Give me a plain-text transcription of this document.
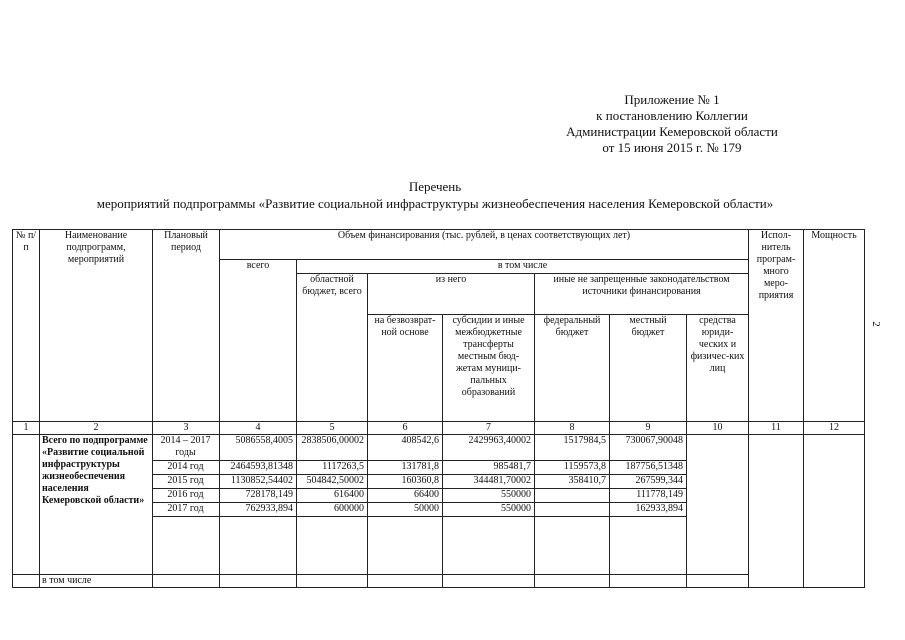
Приложение № 1
к постановлению Коллегии
Администрации Кемеровской области
от 15 июня 2015 г. № 179
Перечень
мероприятий подпрограммы «Развитие социальной инфраструктуры жизнеобеспечения населения Кемеровской области»
2
№ п/п	Наименование подпрограмм, мероприятий	Плановый период	Объем финансирования (тыс. рублей, в ценах соответствующих лет)							Испол-нитель програм-много меро-приятия	Мощность
			всего	в том числе							
				областной бюджет, всего	из него		иные не запрещенные законодательством источники финансирования				

					на безвозврат-ной основе	субсидии и иные межбюджетные трансферты местным бюд-жетам муници-пальных образований	федеральный бюджет	местный бюджет	средства юриди-ческих и физичес-ких лиц		
1	2	3	4	5	6	7	8	9	10	11	12
	Всего по подпрограмме «Развитие социальной инфраструктуры жизнеобеспечения населения Кемеровской области»	2014 – 2017 годы	5086558,4005	2838506,00002	408542,6	2429963,40002	1517984,5	730067,90048			
		2014 год	2464593,81348	1117263,5	131781,8	985481,7	1159573,8	187756,51348			
		2015 год	1130852,54402	504842,50002	160360,8	344481,70002	358410,7	267599,344			
		2016 год	728178,149	616400	66400	550000		111778,149			
		2017 год	762933,894	600000	50000	550000		162933,894			

	в том числе										
